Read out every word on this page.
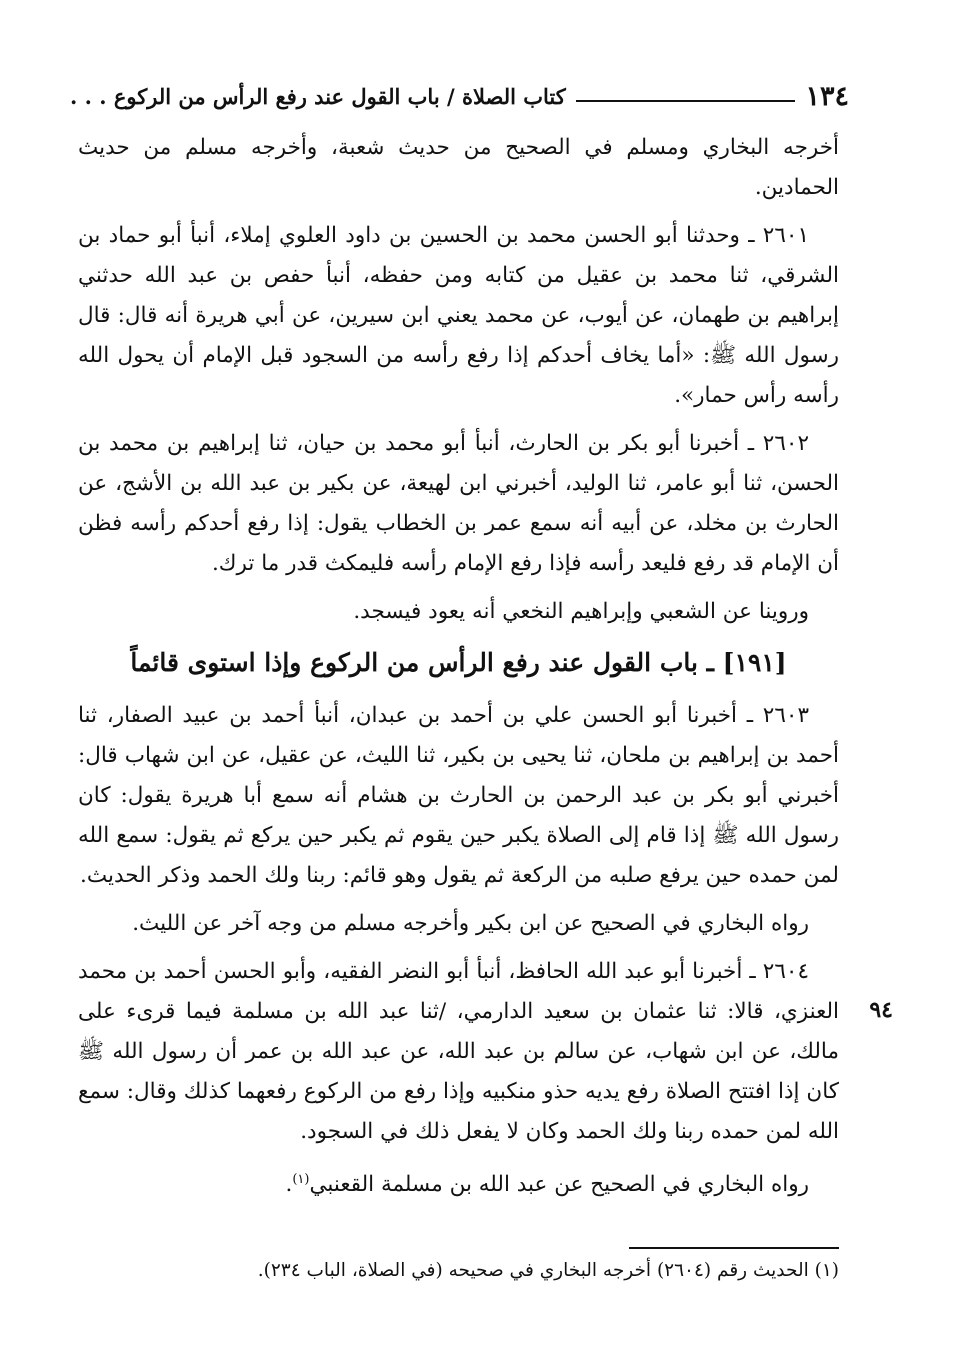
١٣٤
كتاب الصلاة / باب القول عند رفع الرأس من الركوع . . .

أخرجه البخاري ومسلم في الصحيح من حديث شعبة، وأخرجه مسلم من حديث الحمادين.

٢٦٠١ ـ وحدثنا أبو الحسن محمد بن الحسين بن داود العلوي إملاء، أنبأ أبو حماد بن الشرقي، ثنا محمد بن عقيل من كتابه ومن حفظه، أنبأ حفص بن عبد الله حدثني إبراهيم بن طهمان، عن أيوب، عن محمد يعني ابن سيرين، عن أبي هريرة أنه قال: قال رسول الله ﷺ: «أما يخاف أحدكم إذا رفع رأسه من السجود قبل الإمام أن يحول الله رأسه رأس حمار».

٢٦٠٢ ـ أخبرنا أبو بكر بن الحارث، أنبأ أبو محمد بن حيان، ثنا إبراهيم بن محمد بن الحسن، ثنا أبو عامر، ثنا الوليد، أخبرني ابن لهيعة، عن بكير بن عبد الله بن الأشج، عن الحارث بن مخلد، عن أبيه أنه سمع عمر بن الخطاب يقول: إذا رفع أحدكم رأسه فظن أن الإمام قد رفع فليعد رأسه فإذا رفع الإمام رأسه فليمكث قدر ما ترك.

وروينا عن الشعبي وإبراهيم النخعي أنه يعود فيسجد.

[١٩١] ـ باب القول عند رفع الرأس من الركوع وإذا استوى قائماً

٢٦٠٣ ـ أخبرنا أبو الحسن علي بن أحمد بن عبدان، أنبأ أحمد بن عبيد الصفار، ثنا أحمد بن إبراهيم بن ملحان، ثنا يحيى بن بكير، ثنا الليث، عن عقيل، عن ابن شهاب قال: أخبرني أبو بكر بن عبد الرحمن بن الحارث بن هشام أنه سمع أبا هريرة يقول: كان رسول الله ﷺ إذا قام إلى الصلاة يكبر حين يقوم ثم يكبر حين يركع ثم يقول: سمع الله لمن حمده حين يرفع صلبه من الركعة ثم يقول وهو قائم: ربنا ولك الحمد وذكر الحديث.

رواه البخاري في الصحيح عن ابن بكير وأخرجه مسلم من وجه آخر عن الليث.

٢٦٠٤ ـ أخبرنا أبو عبد الله الحافظ، أنبأ أبو النضر الفقيه، وأبو الحسن أحمد بن محمد العنزي، قالا: ثنا عثمان بن سعيد الدارمي، /ثنا عبد الله بن مسلمة فيما قرىء على مالك، عن ابن شهاب، عن سالم بن عبد الله، عن عبد الله بن عمر أن رسول الله ﷺ كان إذا افتتح الصلاة رفع يديه حذو منكبيه وإذا رفع من الركوع رفعهما كذلك وقال: سمع الله لمن حمده ربنا ولك الحمد وكان لا يفعل ذلك في السجود.

رواه البخاري في الصحيح عن عبد الله بن مسلمة القعنبي$^{(١)}$.

٩٤
(١) الحديث رقم (٢٦٠٤) أخرجه البخاري في صحيحه (في الصلاة، الباب ٢٣٤).
